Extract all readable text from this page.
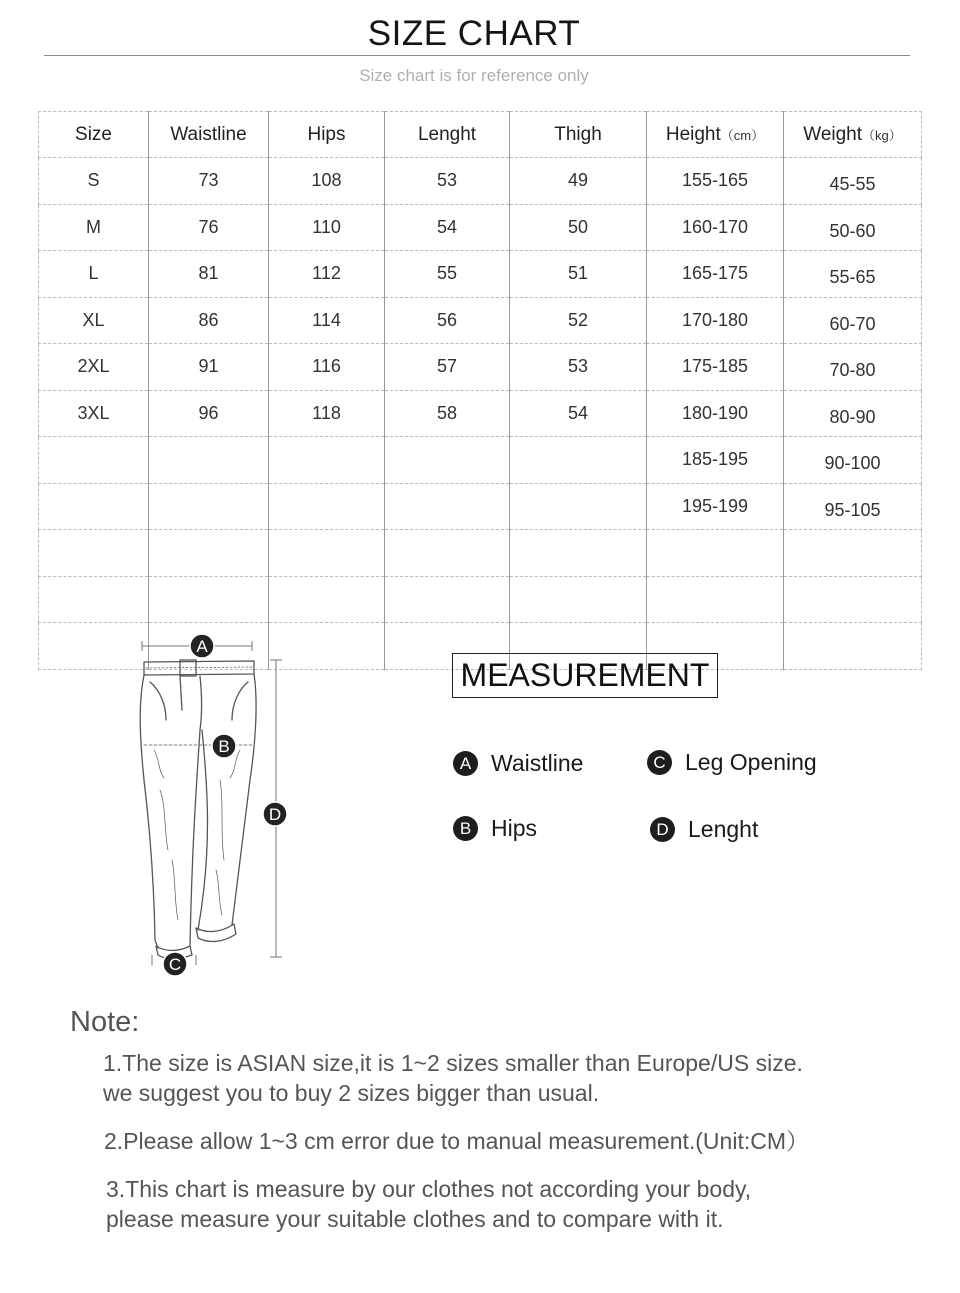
SIZE CHART
Size chart is for reference only
Size	Waistline	Hips	Lenght	Thigh	Height（cm）	Weight（kg）
S	73	108	53	49	155-165	45-55
M	76	110	54	50	160-170	50-60
L	81	112	55	51	165-175	55-65
XL	86	114	56	52	170-180	60-70
2XL	91	116	57	53	175-185	70-80
3XL	96	118	58	54	180-190	80-90
					185-195	90-100
					195-199	95-105

A
B
C
D
MEASUREMENT
A Waistline	C Leg Opening
B Hips	D Lenght
Note:
1.The size is ASIAN size,it is 1~2 sizes smaller than Europe/US size.
we suggest you to buy 2 sizes bigger than usual.
2.Please allow 1~3 cm error due to manual measurement.(Unit:CM）
3.This chart is measure by our clothes not according your body,
please measure your suitable clothes and to compare with it.
